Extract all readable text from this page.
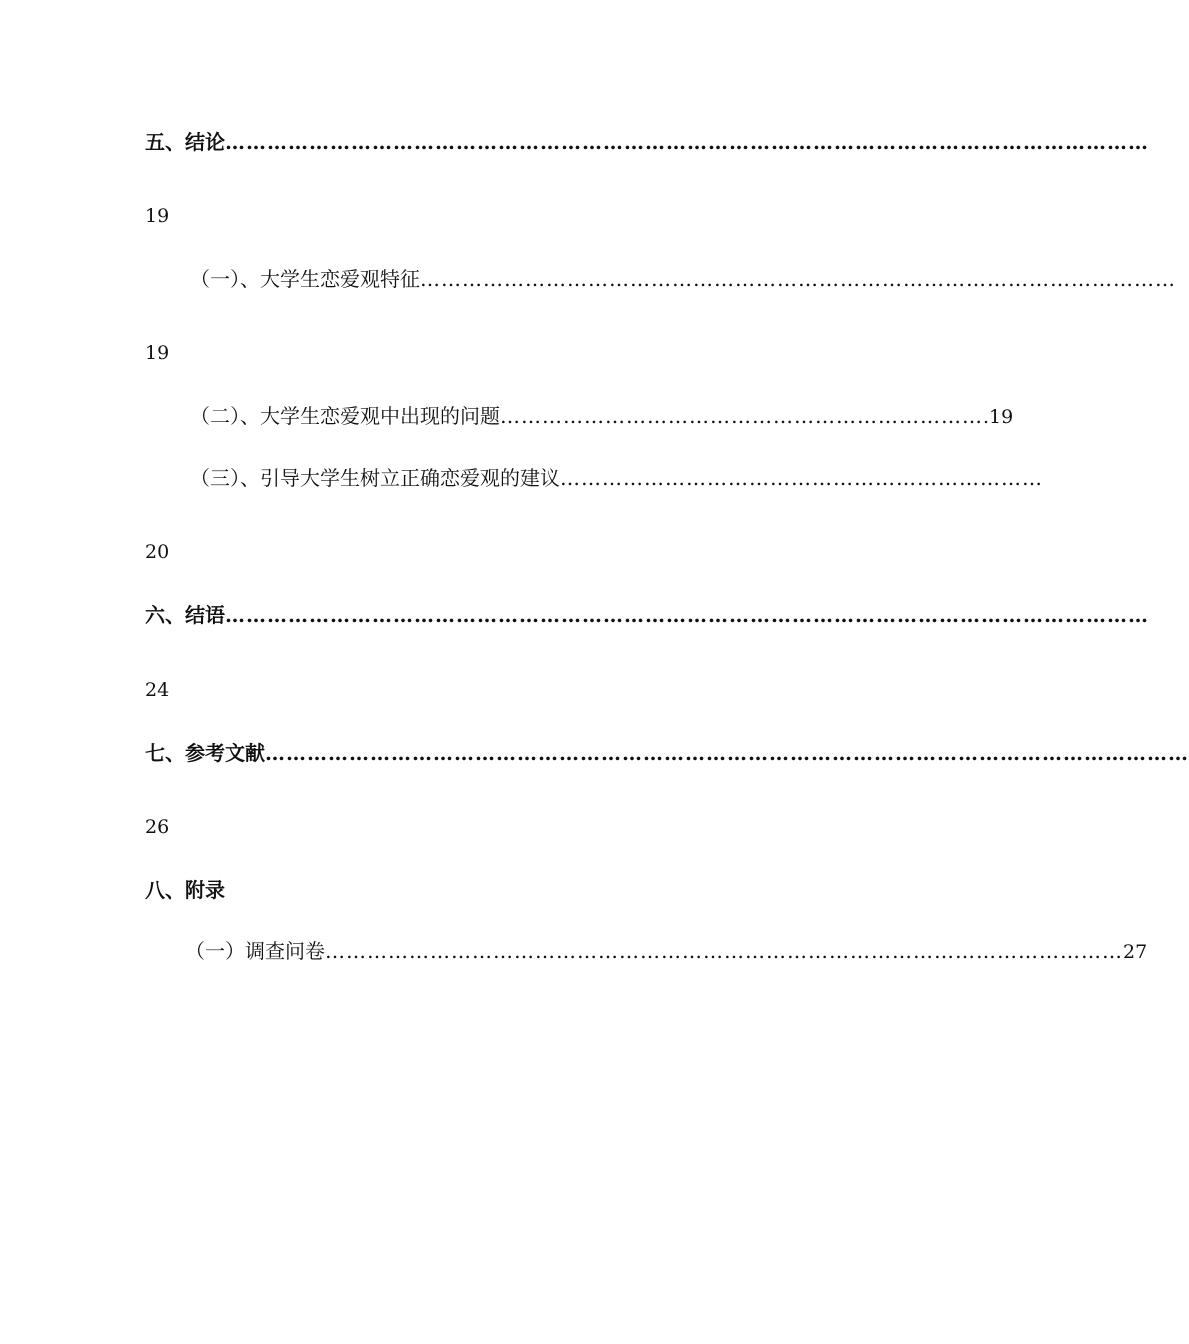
五、结论 ……………………………………………………………………………………………………………………
19
（一）、大学生恋爱观特征 ………………………………………………………………………………………………
19
（二）、大学生恋爱观中出现的问题 …………………………………………………………… .19
（三）、引导大学生树立正确恋爱观的建议 ……………………………………………………………
20
六、结语 ……………………………………………………………………………………………………………………
24
七、参考文献 ……………………………………………………………………………………………………………………
26
八、附录
（一）调查问卷 …………………………………………………………………………………………………… 27
